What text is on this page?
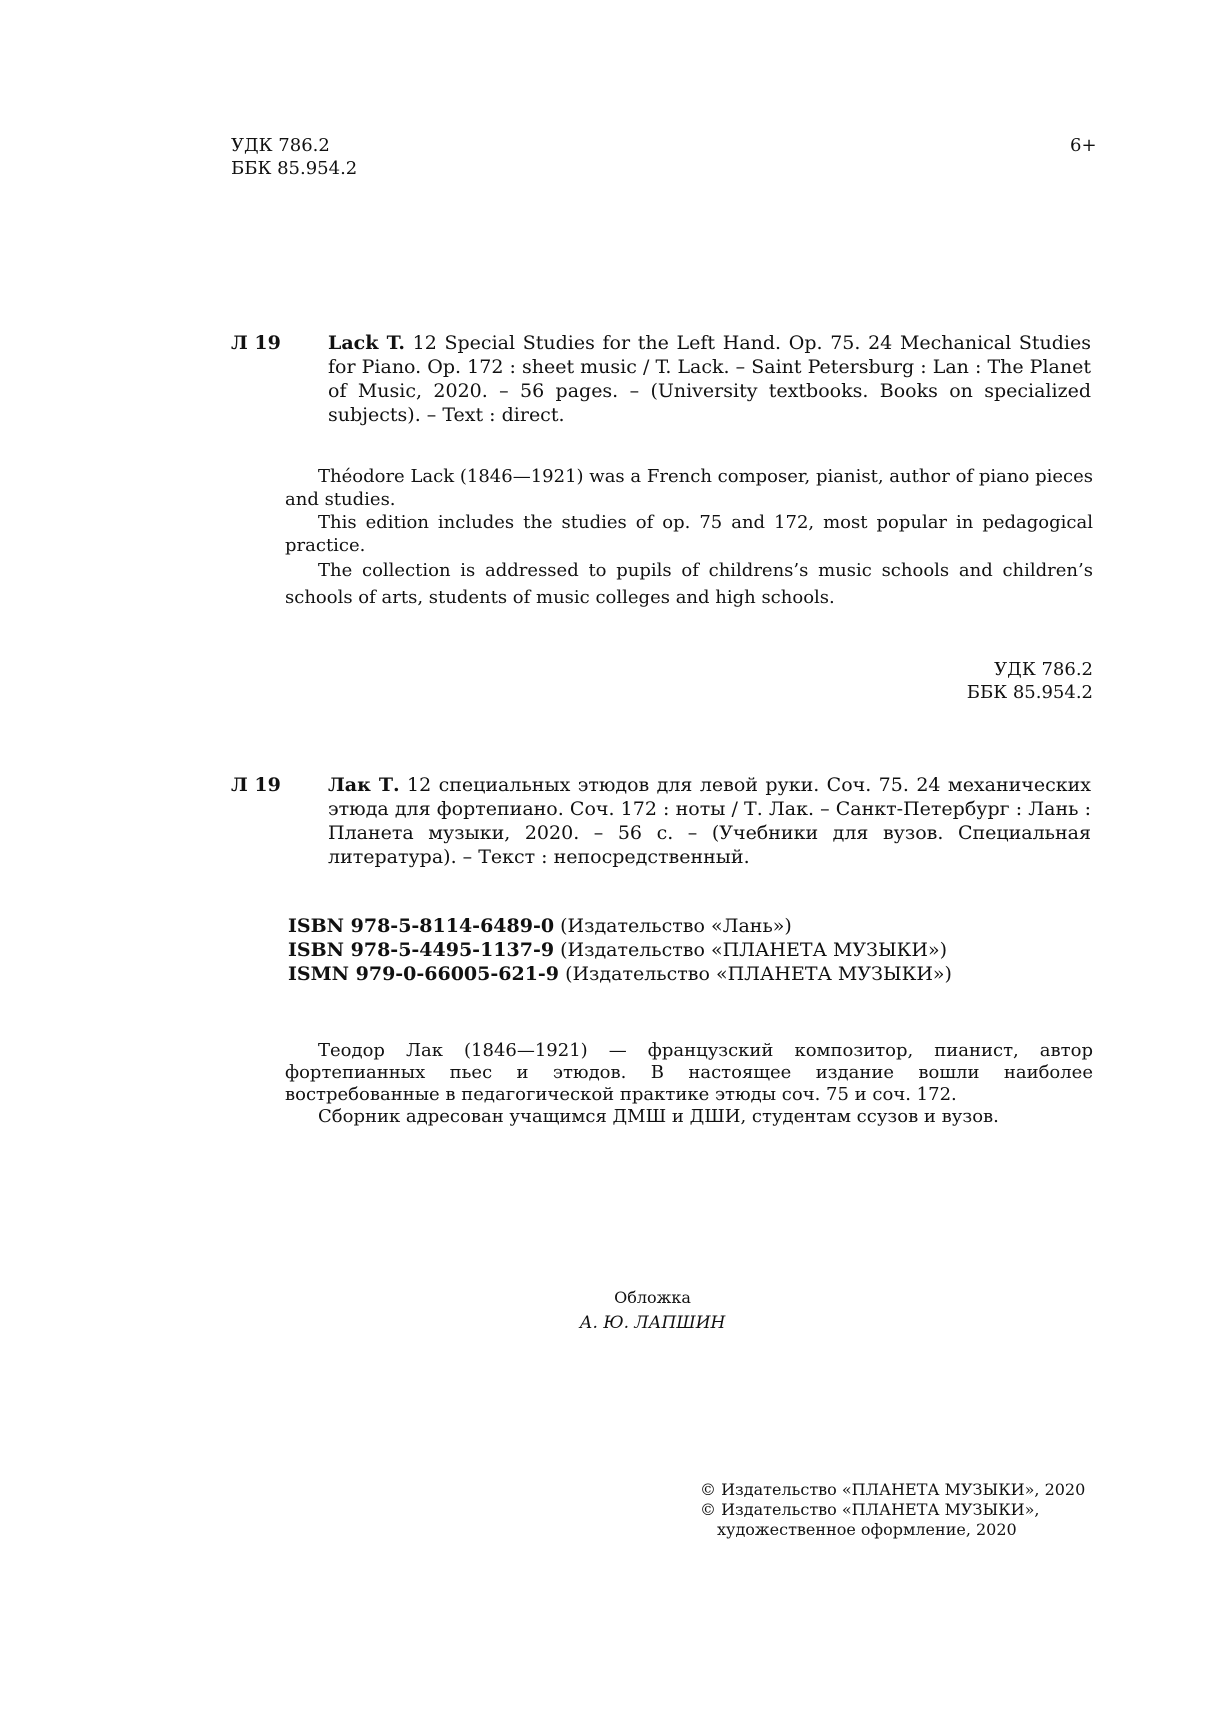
УДК 786.2
ББК 85.954.2
6+
Л 19	Lack T. 12 Special Studies for the Left Hand. Op. 75. 24 Mechanical Studies for Piano. Op. 172 : sheet music / T. Lack. – Saint Petersburg : Lan : The Planet of Music, 2020. – 56 pages. – (University textbooks. Books on specialized subjects). – Text : direct.

Théodore Lack (1846—1921) was a French composer, pianist, author of piano pieces and studies.

This edition includes the studies of op. 75 and 172, most popular in pedagogical practice.

The collection is addressed to pupils of childrens’s music schools and children’s schools of arts, students of music colleges and high schools.

УДК 786.2
ББК 85.954.2
Л 19	Лак Т. 12 специальных этюдов для левой руки. Соч. 75. 24 механических этюда для фортепиано. Соч. 172 : ноты / Т. Лак. – Санкт-Петербург : Лань : Планета музыки, 2020. – 56 с. – (Учебники для вузов. Специальная литература). – Текст : непосредственный.

ISBN 978-5-8114-6489-0 (Издательство «Лань»)
ISBN 978-5-4495-1137-9 (Издательство «ПЛАНЕТА МУЗЫКИ»)
ISMN 979-0-66005-621-9 (Издательство «ПЛАНЕТА МУЗЫКИ»)

Теодор Лак (1846—1921) — французский композитор, пианист, автор фортепианных пьес и этюдов. В настоящее издание вошли наиболее востребованные в педагогической практике этюды соч. 75 и соч. 172.

Сборник адресован учащимся ДМШ и ДШИ, студентам ссузов и вузов.

Обложка
А. Ю. ЛАПШИН
© Издательство «ПЛАНЕТА МУЗЫКИ», 2020
© Издательство «ПЛАНЕТА МУЗЫКИ»,
художественное оформление, 2020
